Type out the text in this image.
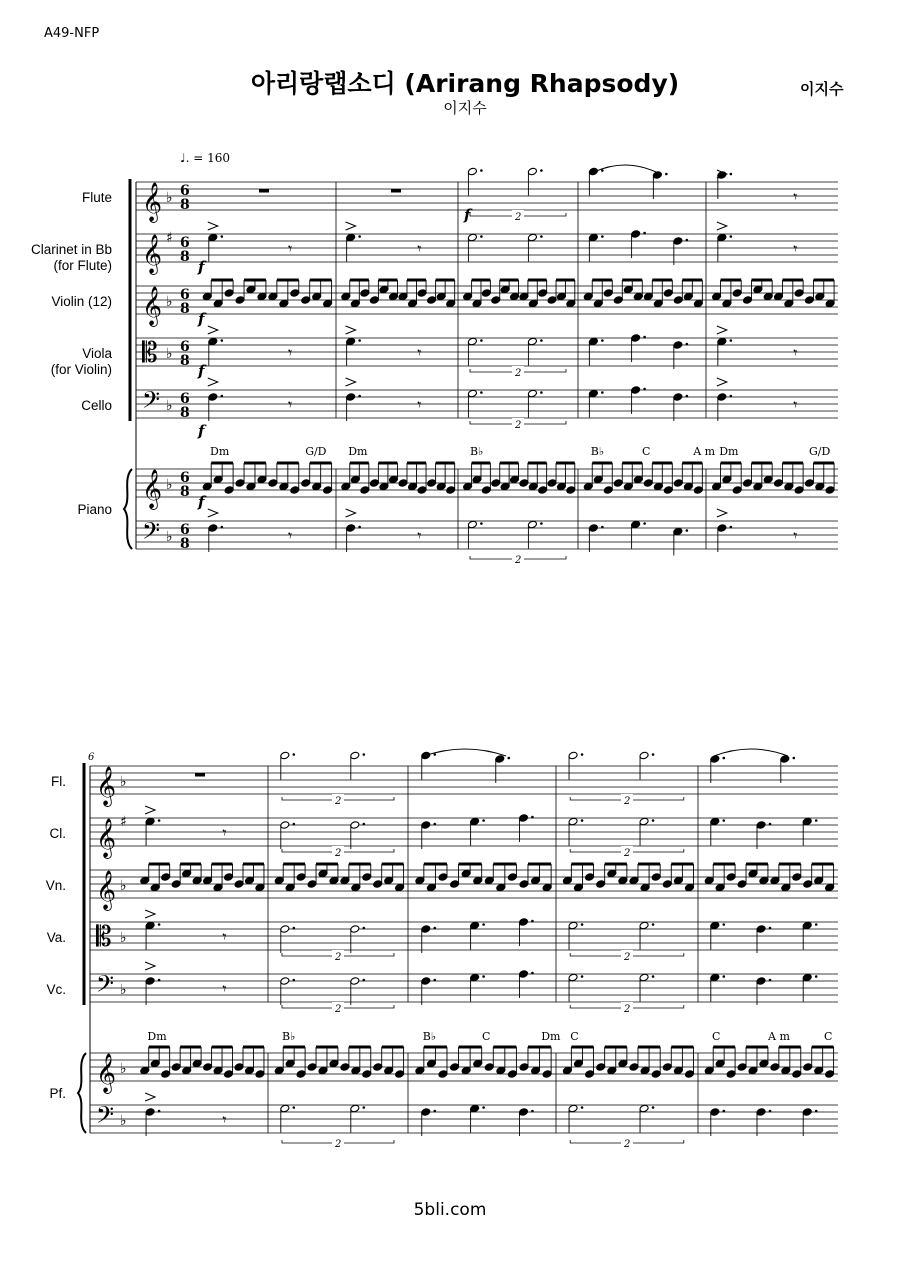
A49-NFP
아리랑랩소디 (Arirang Rhapsody)
이지수
이지수
Flute
Clarinet in Bb
(for Flute)
Violin (12)
Viola
(for Violin)
Cello
Piano
Fl.
Cl.
Vn.
Va.
Vc.
Pf.
♩. = 160
6
𝄞 ♭ 6
8
𝄞 ♯ 6
8
𝄞 ♭ 6
8
𝄡 ♭ 6
8
𝄢 ♭ 6
8
𝄞 ♭ 6
8
𝄢 ♭ 6
8
2
𝄾
𝄾	𝄾
f
𝄾
f
𝄾
f
𝄾
2
𝄾
𝄾
f
𝄾
2
𝄾
f
𝄾
f
𝄾
2
𝄾
Dm	G/D Dm	B♭	B♭	C	A m Dm	G/D
𝄞 ♭
𝄞 ♯
𝄞 ♭
𝄡 ♭
𝄢 ♭
𝄞 ♭
𝄢 ♭
2	2
𝄾
2	2
𝄾
2	2
𝄾
2	2
𝄾
2	2
Dm	B♭	B♭	C	Dm C	C	A m	C
5bli.com
